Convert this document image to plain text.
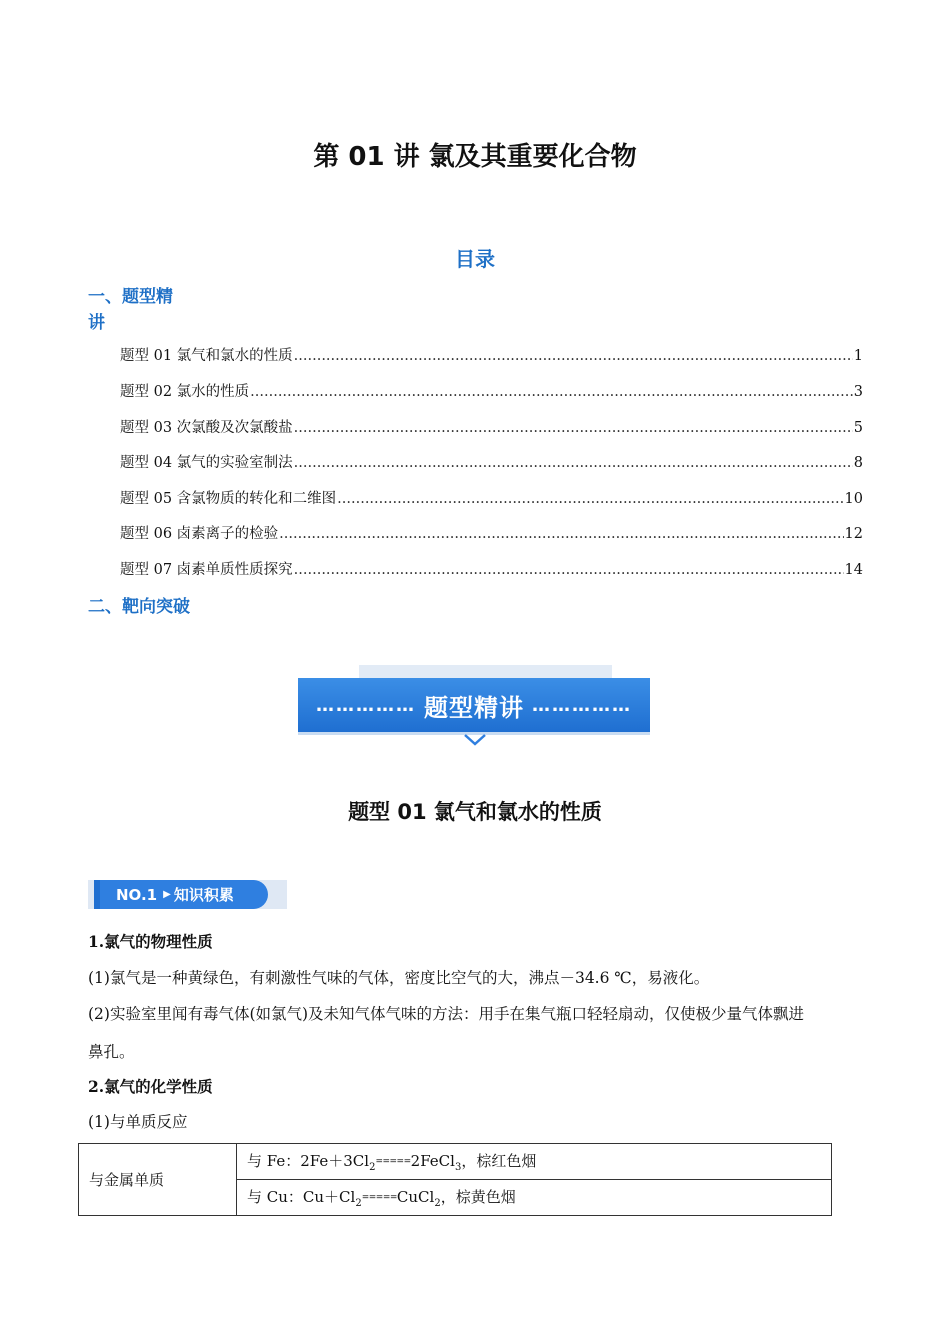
第 01 讲 氯及其重要化合物
目录
一、题型精讲
题型 01 氯气和氯水的性质 .....	1
题型 02 氯水的性质 .....	3
题型 03 次氯酸及次氯酸盐 .....	5
题型 04 氯气的实验室制法 .....	8
题型 05 含氯物质的转化和二维图 .....	10
题型 06 卤素离子的检验 .....	12
题型 07 卤素单质性质探究 .....	14
二、靶向突破
…………… 题型精讲 ……………
题型 01 氯气和氯水的性质
NO.1 ▶ 知识积累
1.氯气的物理性质
(1)氯气是一种黄绿色，有刺激性气味的气体，密度比空气的大，沸点－34.6 ℃，易液化。
(2)实验室里闻有毒气体(如氯气)及未知气体气味的方法：用手在集气瓶口轻轻扇动，仅使极少量气体飘进
鼻孔。
2.氯气的化学性质
(1)与单质反应
与金属单质	与 Fe：$2Fe+3Cl_2=====2FeCl_3$，棕红色烟
与 Cu：$Cu+Cl_2=====CuCl_2$，棕黄色烟
